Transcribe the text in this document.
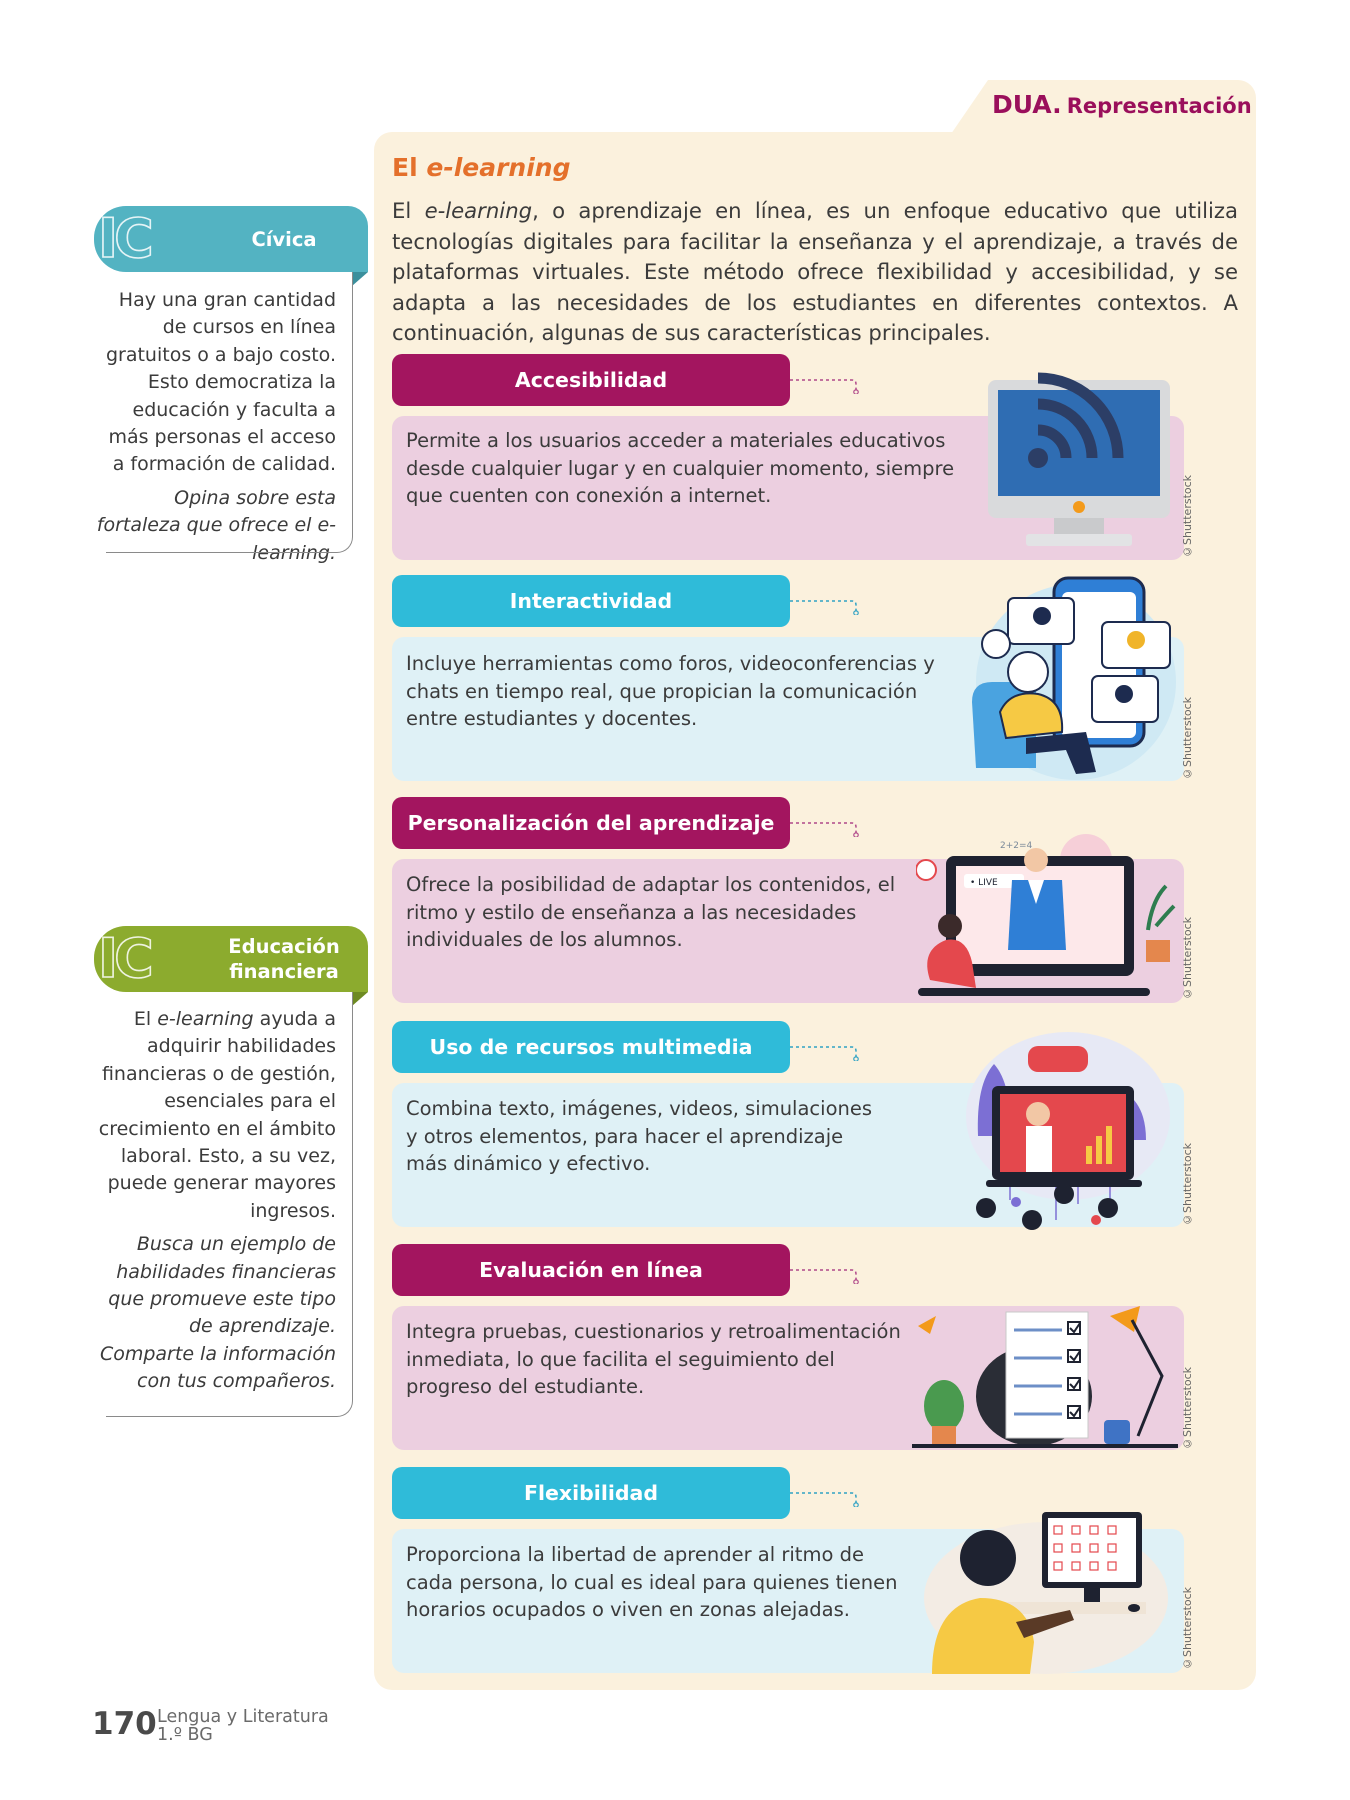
DUA. Representación
El e-learning
El e-learning, o aprendizaje en línea, es un enfoque educativo que utiliza tecnologías digitales para facilitar la enseñanza y el aprendizaje, a través de plataformas virtuales. Este método ofrece flexibilidad y accesibilidad, y se adapta a las necesidades de los estudiantes en diferentes contextos. A continuación, algunas de sus características principales.
Accesibilidad
Permite a los usuarios acceder a materiales educativos desde cualquier lugar y en cualquier momento, siempre que cuenten con conexión a internet.	©Shutterstock
Interactividad
Incluye herramientas como foros, videoconferencias y chats en tiempo real, que propician la comunicación entre estudiantes y docentes.	©Shutterstock
Personalización del aprendizaje
Ofrece la posibilidad de adaptar los contenidos, el ritmo y estilo de enseñanza a las necesidades individuales de los alumnos.
• LIVE
2+2=4
©Shutterstock
Uso de recursos multimedia
Combina texto, imágenes, videos, simulaciones y otros elementos, para hacer el aprendizaje más dinámico y efectivo.	©Shutterstock
Evaluación en línea
Integra pruebas, cuestionarios y retroalimentación inmediata, lo que facilita el seguimiento del progreso del estudiante.	©Shutterstock
Flexibilidad
Proporciona la libertad de aprender al ritmo de cada persona, lo cual es ideal para quienes tienen horarios ocupados o viven en zonas alejadas.	©Shutterstock
IC	Cívica
Hay una gran cantidad de cursos en línea gratuitos o a bajo costo. Esto democratiza la educación y faculta a más personas el acceso a formación de calidad.
Opina sobre esta fortaleza que ofrece el e-learning.
IC	Educación
financiera
El e-learning ayuda a adquirir habilidades financieras o de gestión, esenciales para el crecimiento en el ámbito laboral. Esto, a su vez, puede generar mayores ingresos.
Busca un ejemplo de habilidades financieras que promueve este tipo de aprendizaje. Comparte la información con tus compañeros.
170 Lengua y Literatura
1.º BG
